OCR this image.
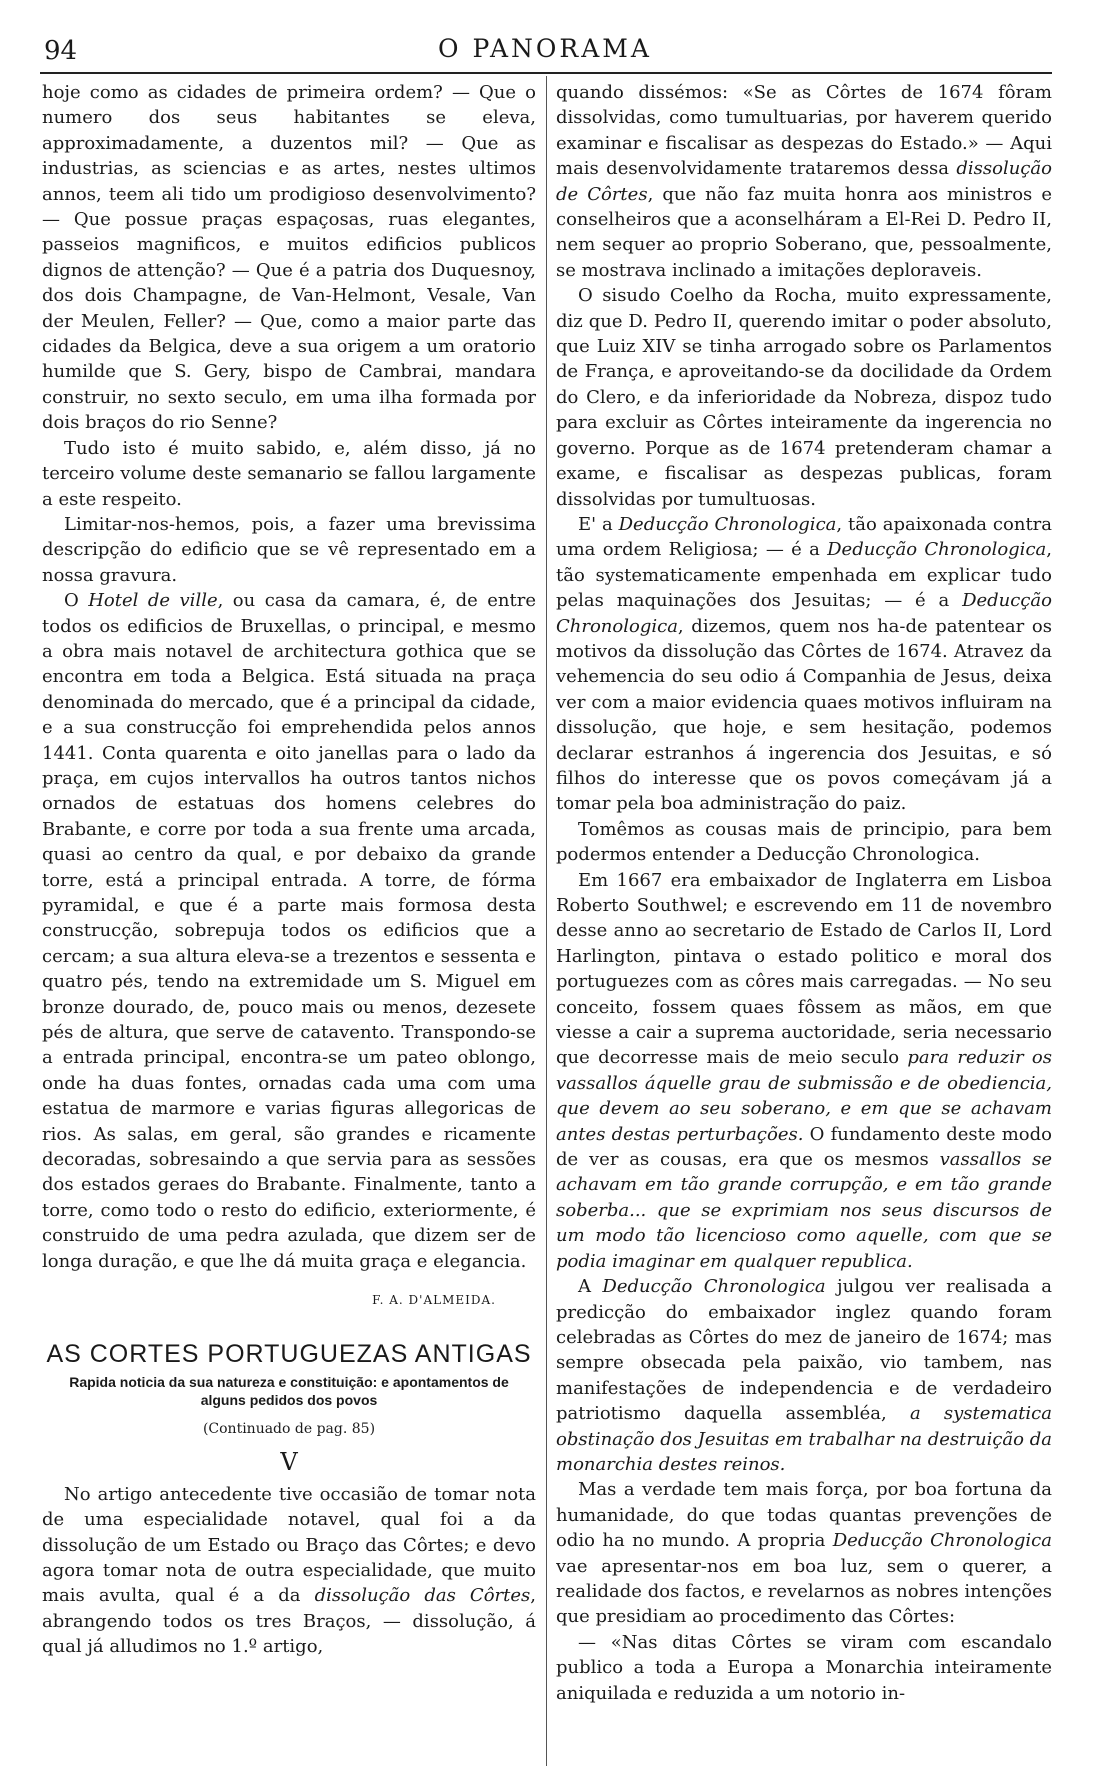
94	O PANORAMA

hoje como as cidades de primeira ordem? — Que o numero dos seus habitantes se eleva, approximadamente, a duzentos mil? — Que as industrias, as sciencias e as artes, nestes ultimos annos, teem ali tido um prodigioso desenvolvimento? — Que possue praças espaçosas, ruas elegantes, passeios magnificos, e muitos edificios publicos dignos de attenção? — Que é a patria dos Duquesnoy, dos dois Champagne, de Van-Helmont, Vesale, Van der Meulen, Feller? — Que, como a maior parte das cidades da Belgica, deve a sua origem a um oratorio humilde que S. Gery, bispo de Cambrai, mandara construir, no sexto seculo, em uma ilha formada por dois braços do rio Senne?

Tudo isto é muito sabido, e, além disso, já no terceiro volume deste semanario se fallou largamente a este respeito.

Limitar-nos-hemos, pois, a fazer uma brevissima descripção do edificio que se vê representado em a nossa gravura.

O Hotel de ville, ou casa da camara, é, de entre todos os edificios de Bruxellas, o principal, e mesmo a obra mais notavel de architectura gothica que se encontra em toda a Belgica. Está situada na praça denominada do mercado, que é a principal da cidade, e a sua construcção foi emprehendida pelos annos 1441. Conta quarenta e oito janellas para o lado da praça, em cujos intervallos ha outros tantos nichos ornados de estatuas dos homens celebres do Brabante, e corre por toda a sua frente uma arcada, quasi ao centro da qual, e por debaixo da grande torre, está a principal entrada. A torre, de fórma pyramidal, e que é a parte mais formosa desta construcção, sobrepuja todos os edificios que a cercam; a sua altura eleva-se a trezentos e sessenta e quatro pés, tendo na extremidade um S. Miguel em bronze dourado, de, pouco mais ou menos, dezesete pés de altura, que serve de catavento. Transpondo-se a entrada principal, encontra-se um pateo oblongo, onde ha duas fontes, ornadas cada uma com uma estatua de marmore e varias figuras allegoricas de rios. As salas, em geral, são grandes e ricamente decoradas, sobresaindo a que servia para as sessões dos estados geraes do Brabante. Finalmente, tanto a torre, como todo o resto do edificio, exteriormente, é construido de uma pedra azulada, que dizem ser de longa duração, e que lhe dá muita graça e elegancia.

F. A. D'ALMEIDA.
AS CORTES PORTUGUEZAS ANTIGAS
Rapida noticia da sua natureza e constituição: e apontamentos de alguns pedidos dos povos
(Continuado de pag. 85)
V

No artigo antecedente tive occasião de tomar nota de uma especialidade notavel, qual foi a da dissolução de um Estado ou Braço das Côrtes; e devo agora tomar nota de outra especialidade, que muito mais avulta, qual é a da dissolução das Côrtes, abrangendo todos os tres Braços, — dissolução, á qual já alludimos no 1.º artigo,

quando dissémos: «Se as Côrtes de 1674 fôram dissolvidas, como tumultuarias, por haverem querido examinar e fiscalisar as despezas do Estado.» — Aqui mais desenvolvidamente trataremos dessa dissolução de Côrtes, que não faz muita honra aos ministros e conselheiros que a aconselháram a El-Rei D. Pedro II, nem sequer ao proprio Soberano, que, pessoalmente, se mostrava inclinado a imitações deploraveis.

O sisudo Coelho da Rocha, muito expressamente, diz que D. Pedro II, querendo imitar o poder absoluto, que Luiz XIV se tinha arrogado sobre os Parlamentos de França, e aproveitando-se da docilidade da Ordem do Clero, e da inferioridade da Nobreza, dispoz tudo para excluir as Côrtes inteiramente da ingerencia no governo. Porque as de 1674 pretenderam chamar a exame, e fiscalisar as despezas publicas, foram dissolvidas por tumultuosas.

E' a Deducção Chronologica, tão apaixonada contra uma ordem Religiosa; — é a Deducção Chronologica, tão systematicamente empenhada em explicar tudo pelas maquinações dos Jesuitas; — é a Deducção Chronologica, dizemos, quem nos ha-de patentear os motivos da dissolução das Côrtes de 1674. Atravez da vehemencia do seu odio á Companhia de Jesus, deixa ver com a maior evidencia quaes motivos influiram na dissolução, que hoje, e sem hesitação, podemos declarar estranhos á ingerencia dos Jesuitas, e só filhos do interesse que os povos começávam já a tomar pela boa administração do paiz.

Tomêmos as cousas mais de principio, para bem podermos entender a Deducção Chronologica.

Em 1667 era embaixador de Inglaterra em Lisboa Roberto Southwel; e escrevendo em 11 de novembro desse anno ao secretario de Estado de Carlos II, Lord Harlington, pintava o estado politico e moral dos portuguezes com as côres mais carregadas. — No seu conceito, fossem quaes fôssem as mãos, em que viesse a cair a suprema auctoridade, seria necessario que decorresse mais de meio seculo para reduzir os vassallos áquelle grau de submissão e de obediencia, que devem ao seu soberano, e em que se achavam antes destas perturbações. O fundamento deste modo de ver as cousas, era que os mesmos vassallos se achavam em tão grande corrupção, e em tão grande soberba... que se exprimiam nos seus discursos de um modo tão licencioso como aquelle, com que se podia imaginar em qualquer republica.

A Deducção Chronologica julgou ver realisada a predicção do embaixador inglez quando foram celebradas as Côrtes do mez de janeiro de 1674; mas sempre obsecada pela paixão, vio tambem, nas manifestações de independencia e de verdadeiro patriotismo daquella assembléa, a systematica obstinação dos Jesuitas em trabalhar na destruição da monarchia destes reinos.

Mas a verdade tem mais força, por boa fortuna da humanidade, do que todas quantas prevenções de odio ha no mundo. A propria Deducção Chronologica vae apresentar-nos em boa luz, sem o querer, a realidade dos factos, e revelarnos as nobres intenções que presidiam ao procedimento das Côrtes:

— «Nas ditas Côrtes se viram com escandalo publico a toda a Europa a Monarchia inteiramente aniquilada e reduzida a um notorio in-
